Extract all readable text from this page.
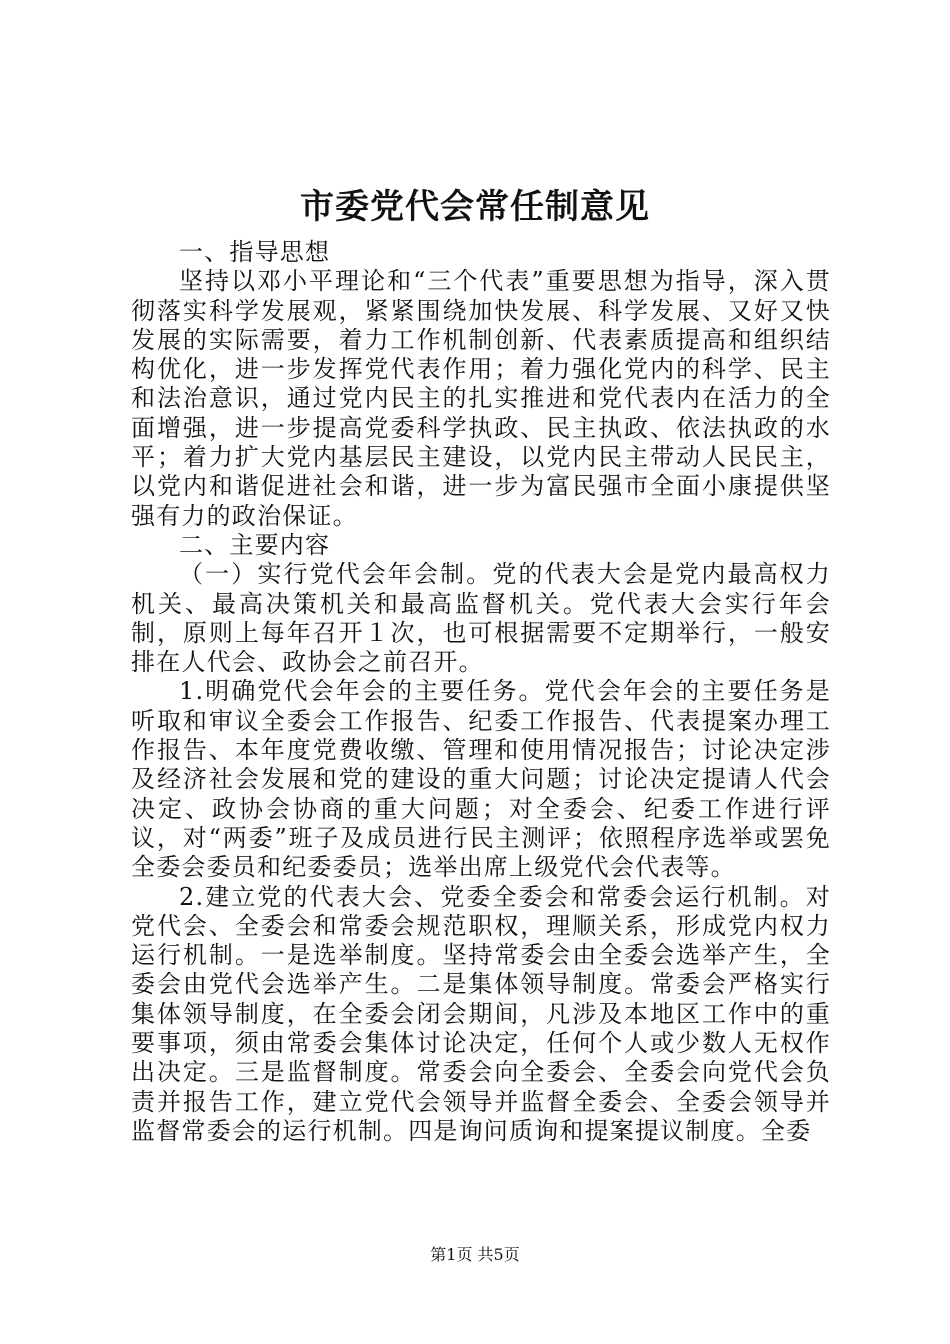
市委党代会常任制意见

一、指导思想

坚持以邓小平理论和“三个代表”重要思想为指导，深入贯彻落实科学发展观，紧紧围绕加快发展、科学发展、又好又快发展的实际需要，着力工作机制创新、代表素质提高和组织结构优化，进一步发挥党代表作用；着力强化党内的科学、民主和法治意识，通过党内民主的扎实推进和党代表内在活力的全面增强，进一步提高党委科学执政、民主执政、依法执政的水平；着力扩大党内基层民主建设，以党内民主带动人民民主，以党内和谐促进社会和谐，进一步为富民强市全面小康提供坚强有力的政治保证。

二、主要内容

（一）实行党代会年会制。党的代表大会是党内最高权力机关、最高决策机关和最高监督机关。党代表大会实行年会制，原则上每年召开１次，也可根据需要不定期举行，一般安排在人代会、政协会之前召开。

1.明确党代会年会的主要任务。党代会年会的主要任务是听取和审议全委会工作报告、纪委工作报告、代表提案办理工作报告、本年度党费收缴、管理和使用情况报告；讨论决定涉及经济社会发展和党的建设的重大问题；讨论决定提请人代会决定、政协会协商的重大问题；对全委会、纪委工作进行评议，对“两委”班子及成员进行民主测评；依照程序选举或罢免全委会委员和纪委委员；选举出席上级党代会代表等。

2.建立党的代表大会、党委全委会和常委会运行机制。对党代会、全委会和常委会规范职权，理顺关系，形成党内权力运行机制。一是选举制度。坚持常委会由全委会选举产生，全委会由党代会选举产生。二是集体领导制度。常委会严格实行集体领导制度，在全委会闭会期间，凡涉及本地区工作中的重要事项，须由常委会集体讨论决定，任何个人或少数人无权作出决定。三是监督制度。常委会向全委会、全委会向党代会负责并报告工作，建立党代会领导并监督全委会、全委会领导并监督常委会的运行机制。四是询问质询和提案提议制度。全委

第1页 共5页
